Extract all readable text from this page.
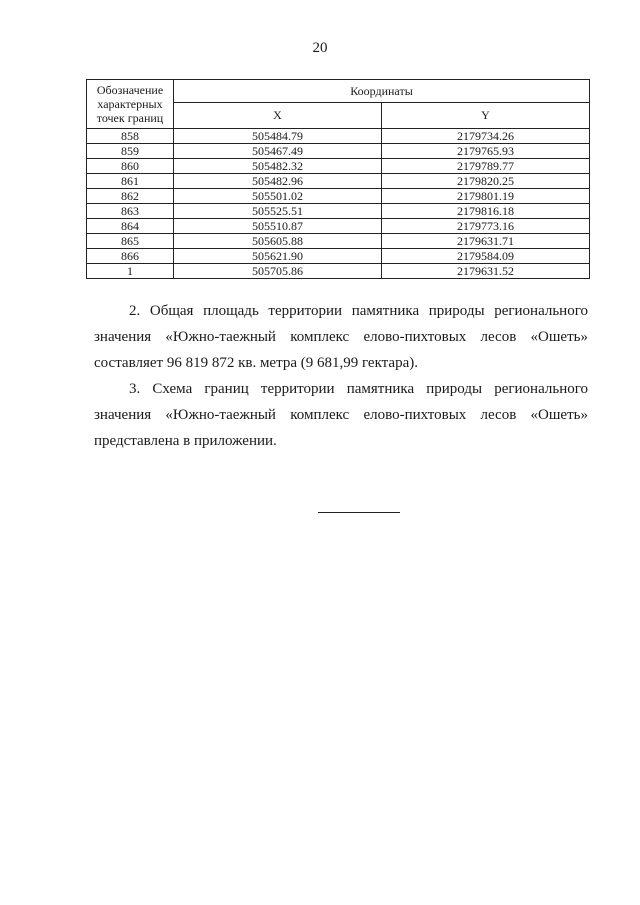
20
Обозначение характерных точек границ	Координаты	
	X	Y
858	505484.79	2179734.26
859	505467.49	2179765.93
860	505482.32	2179789.77
861	505482.96	2179820.25
862	505501.02	2179801.19
863	505525.51	2179816.18
864	505510.87	2179773.16
865	505605.88	2179631.71
866	505621.90	2179584.09
1	505705.86	2179631.52
2. Общая площадь территории памятника природы регионального значения «Южно-таежный комплекс елово-пихтовых лесов «Ошеть» составляет 96 819 872 кв. метра (9 681,99 гектара).
3. Схема границ территории памятника природы регионального значения «Южно-таежный комплекс елово-пихтовых лесов «Ошеть» представлена в приложении.
